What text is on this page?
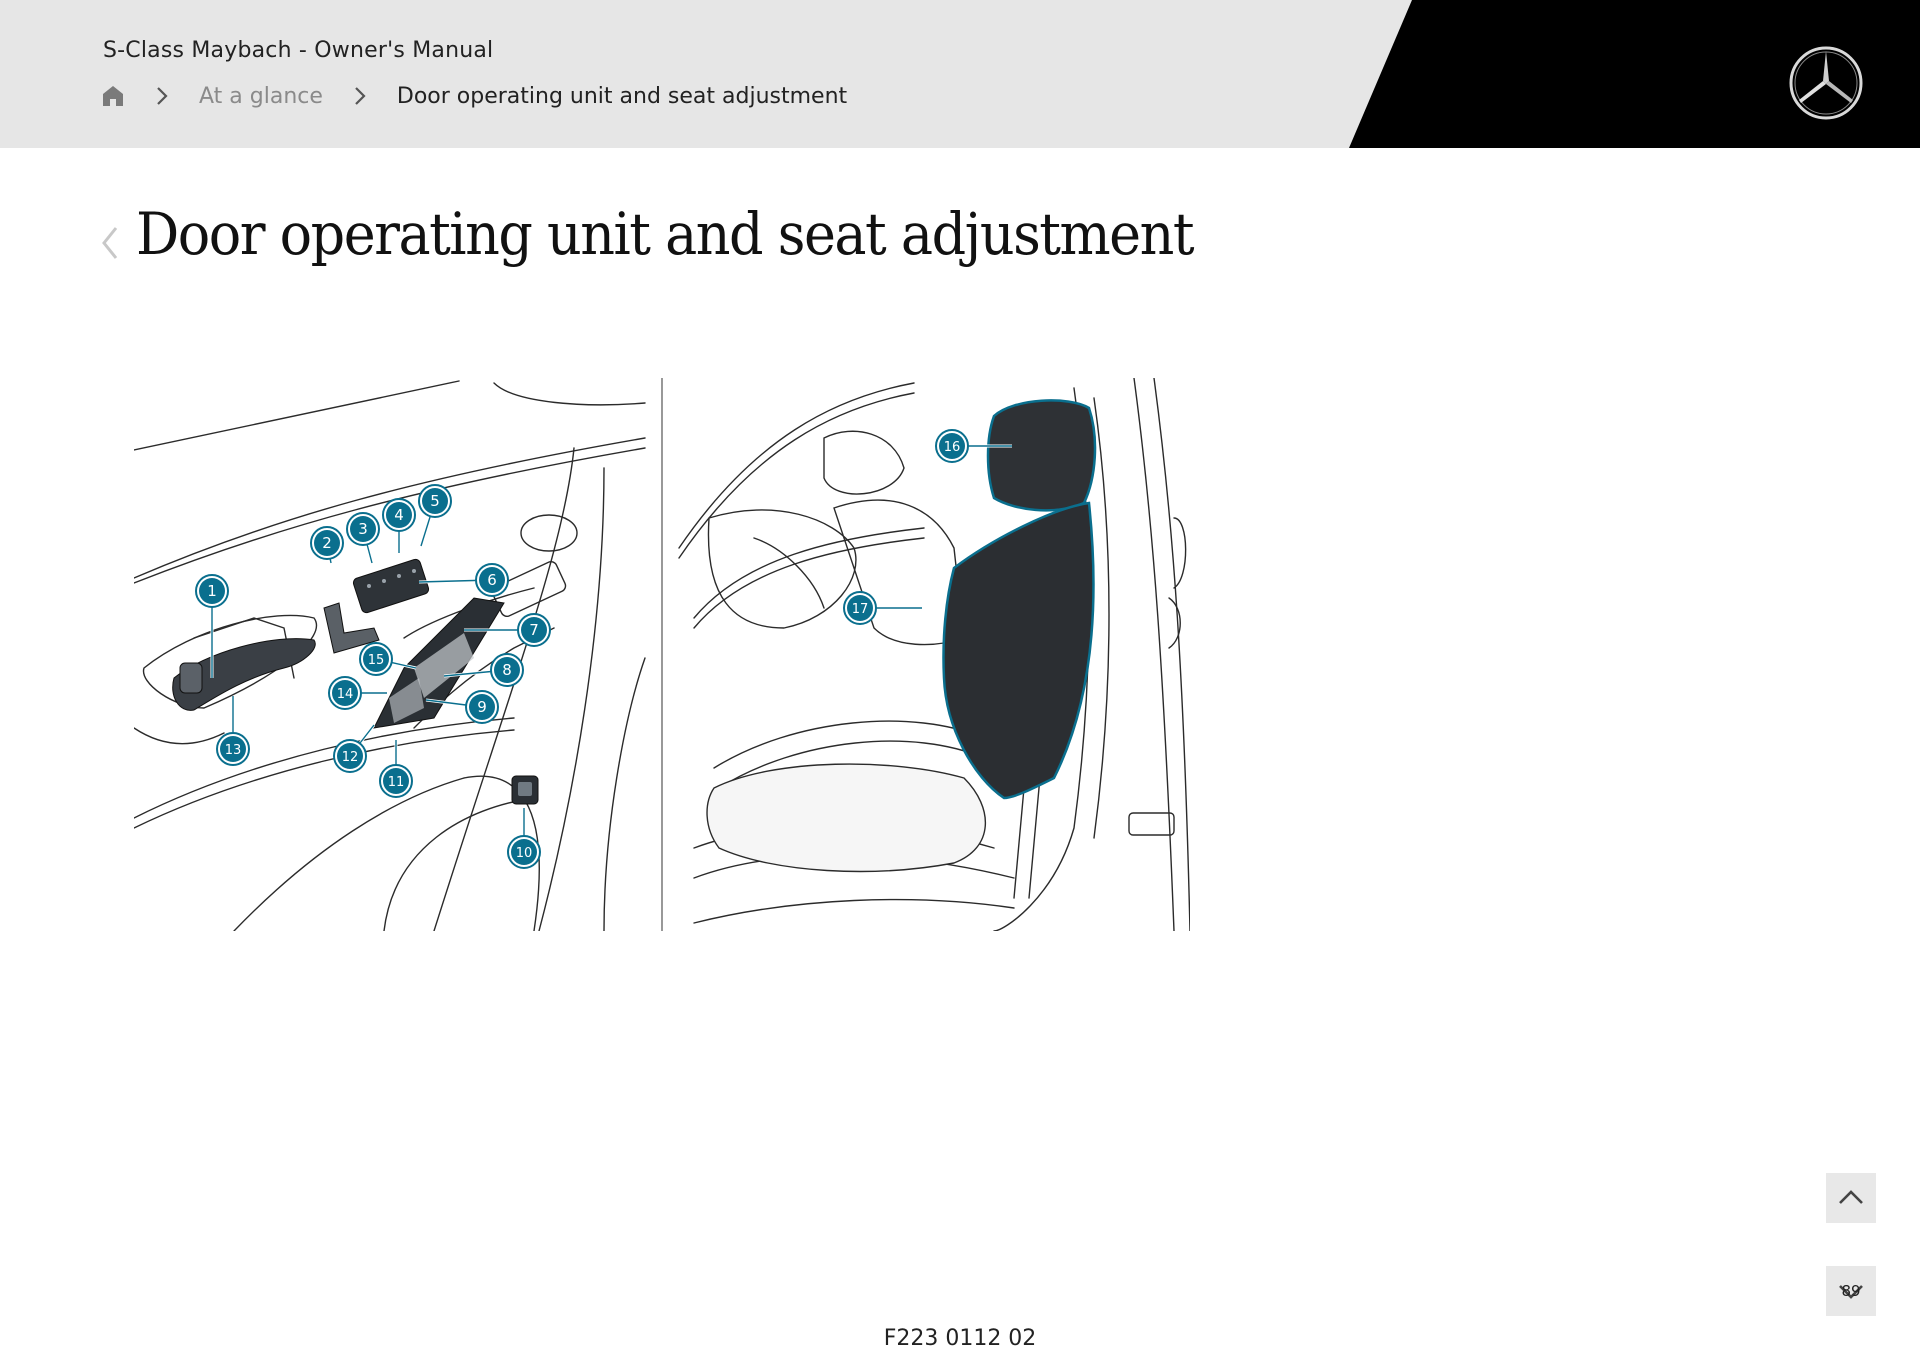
S-Class Maybach - Owner's Manual
At a glance	Door operating unit and seat adjustment
Door operating unit and seat adjustment
1
2
3
4
5
6
7
8
9
10
11
12
13
14
15
16
17
F223 0112 02
89
